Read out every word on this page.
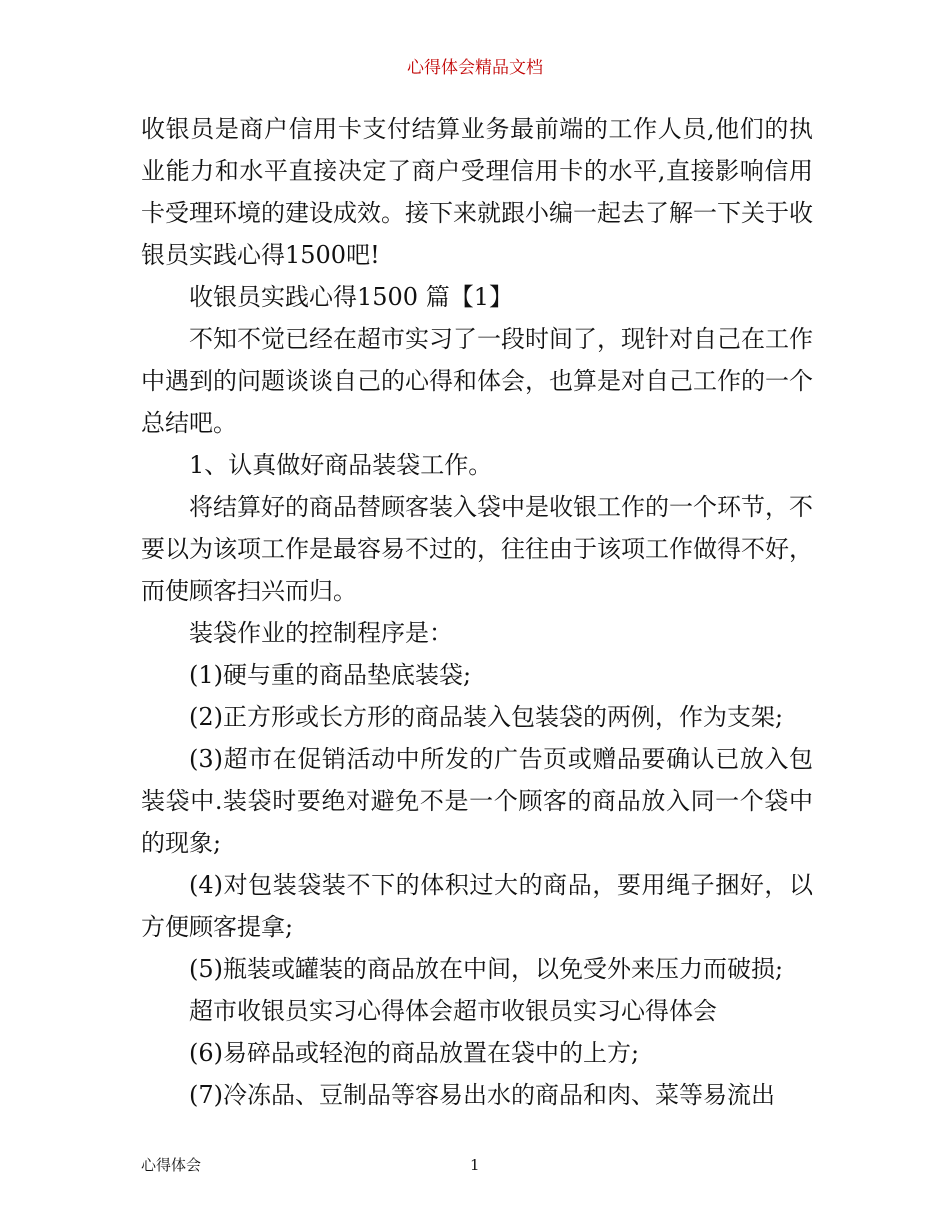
心得体会精品文档

收银员是商户信用卡支付结算业务最前端的工作人员,他们的执业能力和水平直接决定了商户受理信用卡的水平,直接影响信用卡受理环境的建设成效。接下来就跟小编一起去了解一下关于收银员实践心得1500吧!

收银员实践心得1500 篇【1】

不知不觉已经在超市实习了一段时间了，现针对自己在工作中遇到的问题谈谈自己的心得和体会，也算是对自己工作的一个总结吧。

1、认真做好商品装袋工作。

将结算好的商品替顾客装入袋中是收银工作的一个环节，不要以为该项工作是最容易不过的，往往由于该项工作做得不好，而使顾客扫兴而归。

装袋作业的控制程序是：

(1)硬与重的商品垫底装袋;

(2)正方形或长方形的商品装入包装袋的两例，作为支架;

(3)超市在促销活动中所发的广告页或赠品要确认已放入包装袋中.装袋时要绝对避免不是一个顾客的商品放入同一个袋中的现象;

(4)对包装袋装不下的体积过大的商品，要用绳子捆好，以方便顾客提拿;

(5)瓶装或罐装的商品放在中间，以免受外来压力而破损;

超市收银员实习心得体会超市收银员实习心得体会

(6)易碎品或轻泡的商品放置在袋中的上方;

(7)冷冻品、豆制品等容易出水的商品和肉、菜等易流出

心得体会	1
